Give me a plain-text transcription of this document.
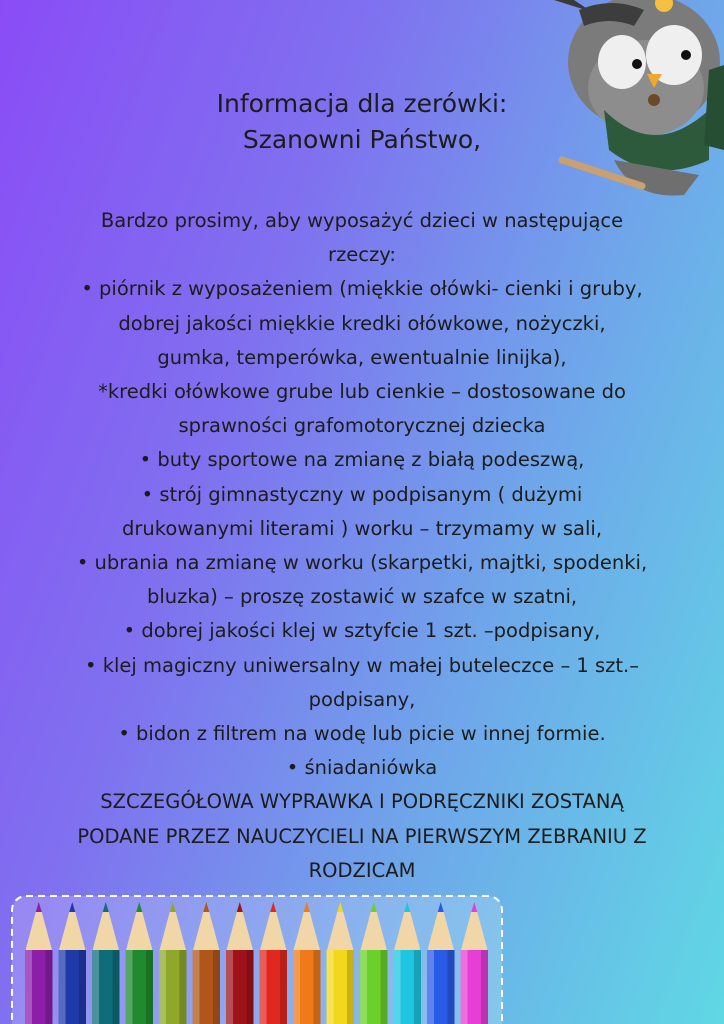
Informacja dla zerówki:
Szanowni Państwo,
Bardzo prosimy, aby wyposażyć dzieci w następujące
rzeczy:
• piórnik z wyposażeniem (miękkie ołówki- cienki i gruby,
dobrej jakości miękkie kredki ołówkowe, nożyczki,
gumka, temperówka, ewentualnie linijka),
*kredki ołówkowe grube lub cienkie – dostosowane do
sprawności grafomotorycznej dziecka
• buty sportowe na zmianę z białą podeszwą,
• strój gimnastyczny w podpisanym ( dużymi
drukowanymi literami ) worku – trzymamy w sali,
• ubrania na zmianę w worku (skarpetki, majtki, spodenki,
bluzka) – proszę zostawić w szafce w szatni,
• dobrej jakości klej w sztyfcie 1 szt. –podpisany,
• klej magiczny uniwersalny w małej buteleczce – 1 szt.–
podpisany,
• bidon z filtrem na wodę lub picie w innej formie.
• śniadaniówka
SZCZEGÓŁOWA WYPRAWKA I PODRĘCZNIKI ZOSTANĄ
PODANE PRZEZ NAUCZYCIELI NA PIERWSZYM ZEBRANIU Z
RODZICAM
